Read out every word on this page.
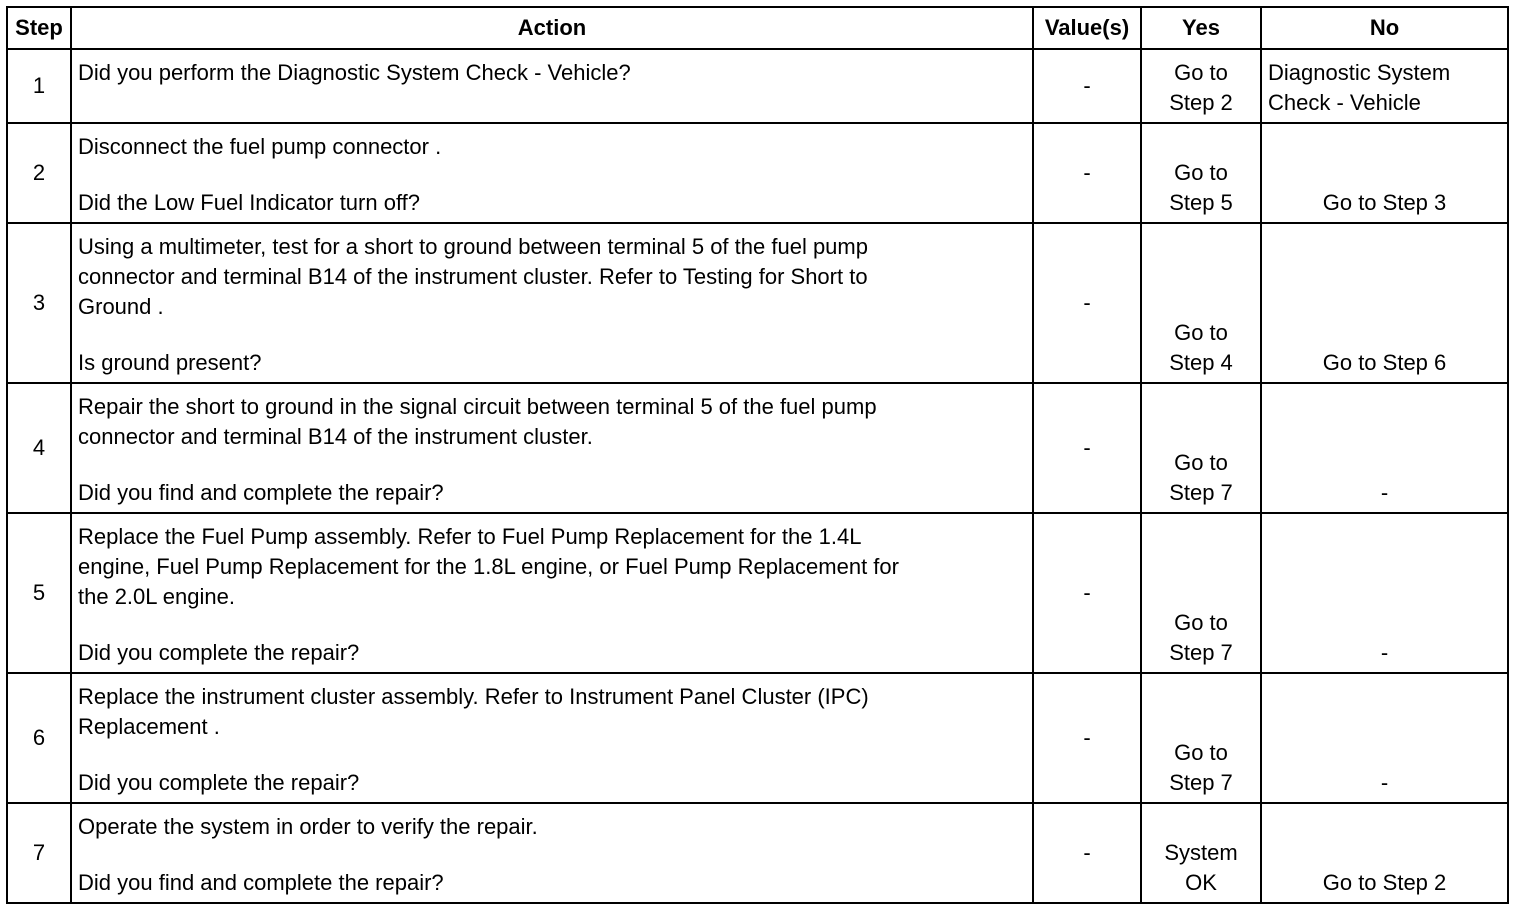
Step	Action	Value(s)	Yes	No
1	Did you perform the Diagnostic System Check - Vehicle?	-	Go to
Step 2	Diagnostic System
Check - Vehicle

2	Disconnect the fuel pump connector .
Did the Low Fuel Indicator turn off?	-	Go to
Step 5	Go to Step 3

3	Using a multimeter, test for a short to ground between terminal 5 of the fuel pump
connector and terminal B14 of the instrument cluster. Refer to Testing for Short to
Ground .
Is ground present?	-	Go to
Step 4	Go to Step 6

4	Repair the short to ground in the signal circuit between terminal 5 of the fuel pump
connector and terminal B14 of the instrument cluster.
Did you find and complete the repair?	-	Go to
Step 7	-

5	Replace the Fuel Pump assembly. Refer to Fuel Pump Replacement for the 1.4L
engine, Fuel Pump Replacement for the 1.8L engine, or Fuel Pump Replacement for
the 2.0L engine.
Did you complete the repair?	-	Go to
Step 7	-

6	Replace the instrument cluster assembly. Refer to Instrument Panel Cluster (IPC)
Replacement .
Did you complete the repair?	-	Go to
Step 7	-

7	Operate the system in order to verify the repair.
Did you find and complete the repair?	-	System
OK	Go to Step 2
